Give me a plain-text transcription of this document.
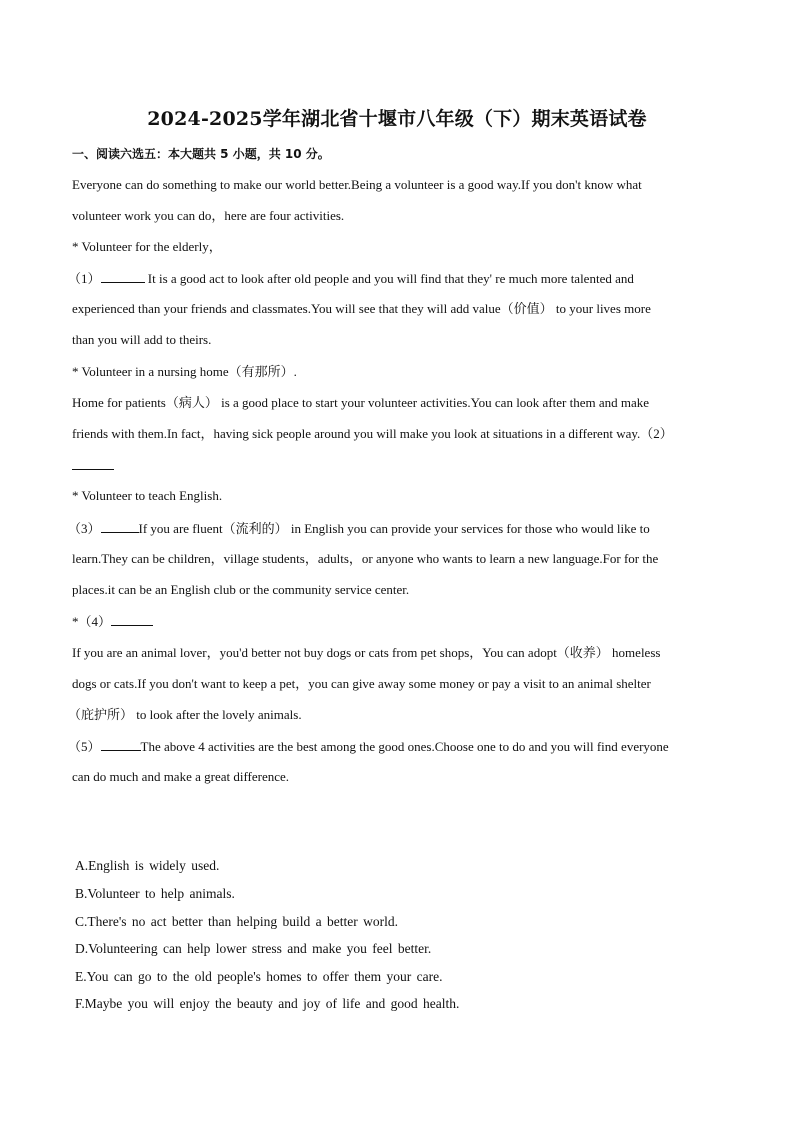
2024-2025学年湖北省十堰市八年级（下）期末英语试卷
一、阅读六选五：本大题共 5 小题，共 10 分。
Everyone can do something to make our world better.Being a volunteer is a good way.If you don't know what
volunteer work you can do，here are four activities.
* Volunteer for the elderly，
（1）	It is a good act to look after old people and you will find that they' re much more talented and
experienced than your friends and classmates.You will see that they will add value（价值） to your lives more
than you will add to theirs.
* Volunteer in a nursing home（有那所）.
Home for patients（病人） is a good place to start your volunteer activities.You can look after them and make
friends with them.In fact，having sick people around you will make you look at situations in a different way.（2）
* Volunteer to teach English.
（3）	If you are fluent（流利的） in English you can provide your services for those who would like to
learn.They can be children，village students，adults，or anyone who wants to learn a new language.For for the
places.it can be an English club or the community service center.
*（4）
If you are an animal lover，you'd better not buy dogs or cats from pet shops，You can adopt（收养） homeless
dogs or cats.If you don't want to keep a pet，you can give away some money or pay a visit to an animal shelter
（庇护所） to look after the lovely animals.
（5）	The above 4 activities are the best among the good ones.Choose one to do and you will find everyone
can do much and make a great difference.
A.English is widely used.
B.Volunteer to help animals.
C.There's no act better than helping build a better world.
D.Volunteering can help lower stress and make you feel better.
E.You can go to the old people's homes to offer them your care.
F.Maybe you will enjoy the beauty and joy of life and good health.
